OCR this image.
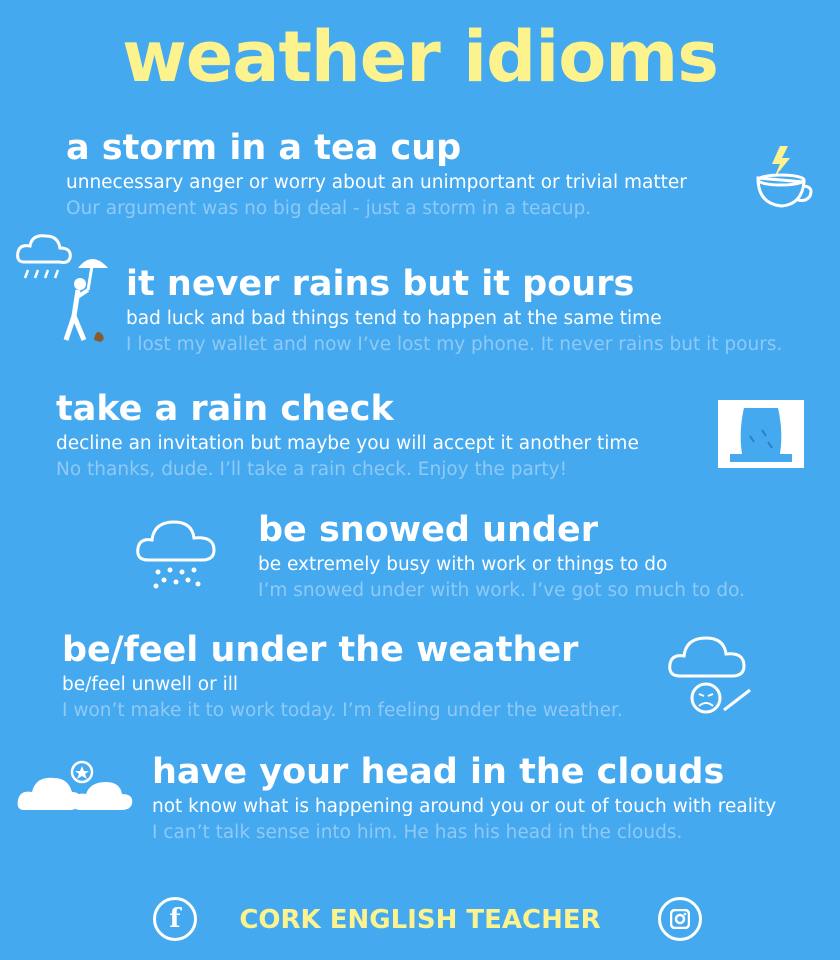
weather idioms
a storm in a tea cup
unnecessary anger or worry about an unimportant or trivial matter
Our argument was no big deal - just a storm in a teacup.
it never rains but it pours
bad luck and bad things tend to happen at the same time
I lost my wallet and now I’ve lost my phone. It never rains but it pours.
take a rain check
decline an invitation but maybe you will accept it another time
No thanks, dude. I’ll take a rain check. Enjoy the party!
be snowed under
be extremely busy with work or things to do
I’m snowed under with work. I’ve got so much to do.
be/feel under the weather
be/feel unwell or ill
I won’t make it to work today. I’m feeling under the weather.
have your head in the clouds
not know what is happening around you or out of touch with reality
I can’t talk sense into him. He has his head in the clouds.
f	CORK ENGLISH TEACHER
